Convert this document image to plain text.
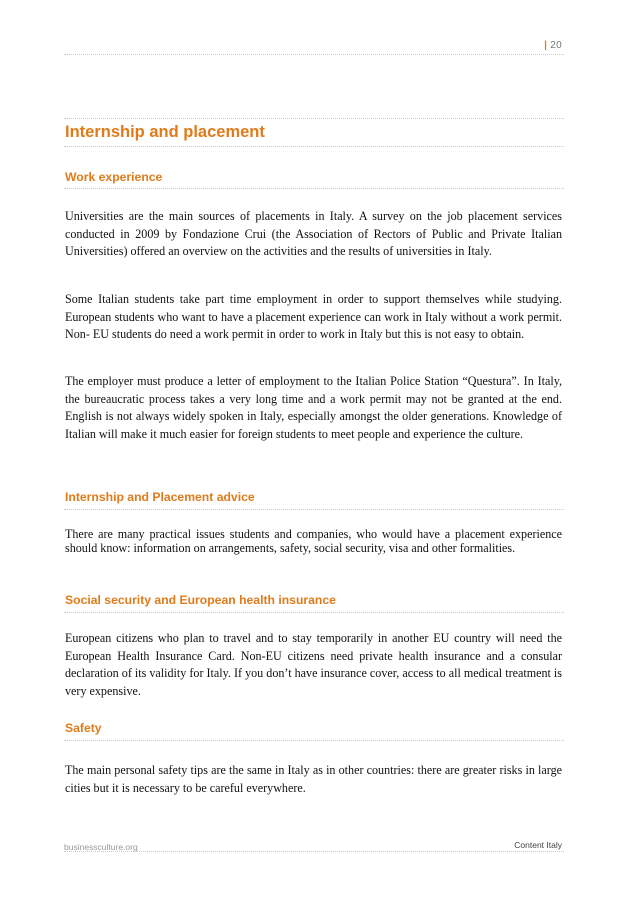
| 20
Internship and placement
Work experience

Universities are the main sources of placements in Italy. A survey on the job placement services conducted in 2009 by Fondazione Crui (the Association of Rectors of Public and Private Italian Universities) offered an overview on the activities and the results of universities in Italy.

Some Italian students take part time employment in order to support themselves while studying. European students who want to have a placement experience can work in Italy without a work permit. Non- EU students do need a work permit in order to work in Italy but this is not easy to obtain.

The employer must produce a letter of employment to the Italian Police Station “Questura”. In Italy, the bureaucratic process takes a very long time and a work permit may not be granted at the end. English is not always widely spoken in Italy, especially amongst the older generations. Knowledge of Italian will make it much easier for foreign students to meet people and experience the culture.

Internship and Placement advice

There are many practical issues students and companies, who would have a placement experience should know: information on arrangements, safety, social security, visa and other formalities.

Social security and European health insurance

European citizens who plan to travel and to stay temporarily in another EU country will need the European Health Insurance Card. Non-EU citizens need private health insurance and a consular declaration of its validity for Italy. If you don’t have insurance cover, access to all medical treatment is very expensive.

Safety

The main personal safety tips are the same in Italy as in other countries: there are greater risks in large cities but it is necessary to be careful everywhere.

businessculture.org	Content Italy
